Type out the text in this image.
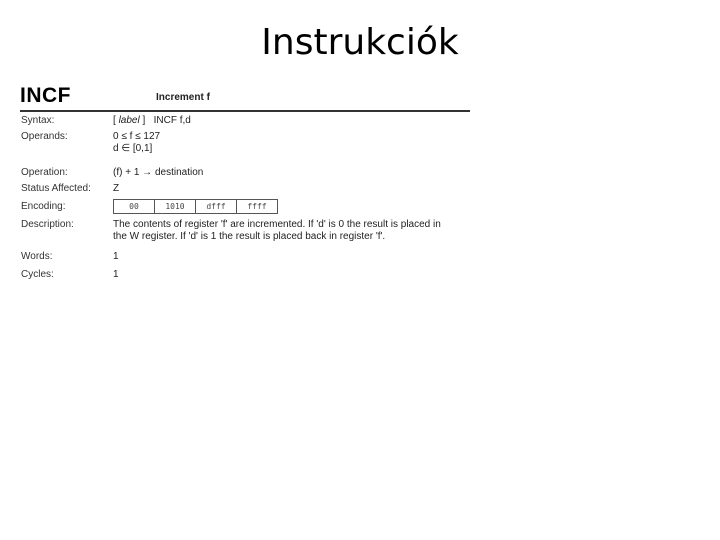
Instrukciók
INCF	Increment f
Syntax:	[ label ] INCF f,d
Operands:	0 ≤ f ≤ 127
d ∈ [0,1]
Operation:	(f) + 1 → destination
Status Affected: Z
Encoding:	00	1010	dfff	ffff
Description:	The contents of register 'f' are incremented. If 'd' is 0 the result is placed in
the W register. If 'd' is 1 the result is placed back in register 'f'.
Words:	1
Cycles:	1
